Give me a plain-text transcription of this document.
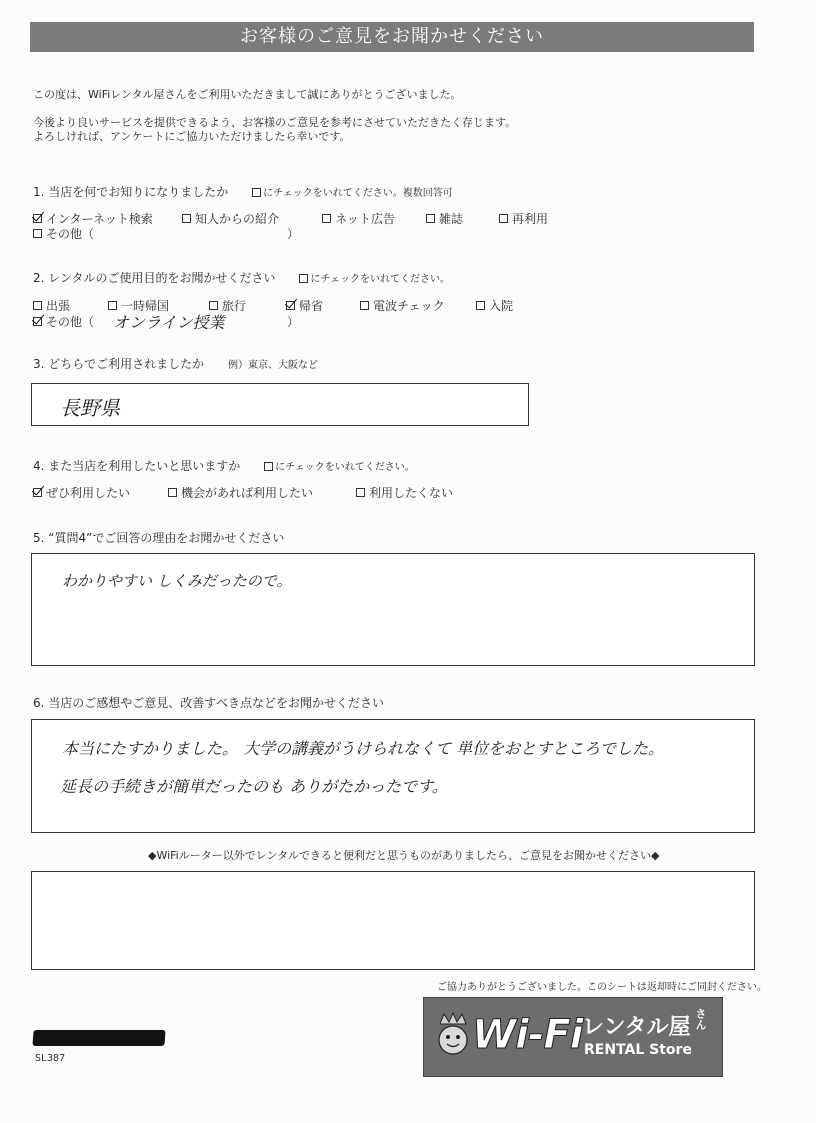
お客様のご意見をお聞かせください
この度は、WiFiレンタル屋さんをご利用いただきまして誠にありがとうございました。
今後より良いサービスを提供できるよう、お客様のご意見を参考にさせていただきたく存じます。
よろしければ、アンケートにご協力いただけましたら幸いです。
1. 当店を何でお知りになりましたか	にチェックをいれてください。複数回答可
インターネット検索	知人からの紹介	ネット広告	雑誌	再利用
その他（	）
2. レンタルのご使用目的をお聞かせください	にチェックをいれてください。
出張	一時帰国	旅行	帰省	電波チェック	入院
その他（ オンライン授業	）
3. どちらでご利用されましたか 例）東京、大阪など
長野県
4. また当店を利用したいと思いますか	にチェックをいれてください。
ぜひ利用したい	機会があれば利用したい	利用したくない
5. “質問4”でご回答の理由をお聞かせください
わかりやすい しくみだったので。
6. 当店のご感想やご意見、改善すべき点などをお聞かせください
本当にたすかりました。 大学の講義がうけられなくて 単位をおとすところでした。
延長の手続きが簡単だったのも ありがたかったです。
◆WiFiルーター以外でレンタルできると便利だと思うものがありましたら、ご意見をお聞かせください◆
ご協力ありがとうございました。このシートは返却時にご同封ください。
SL387
Wi-Fi レンタル屋 さん
RENTAL Store
